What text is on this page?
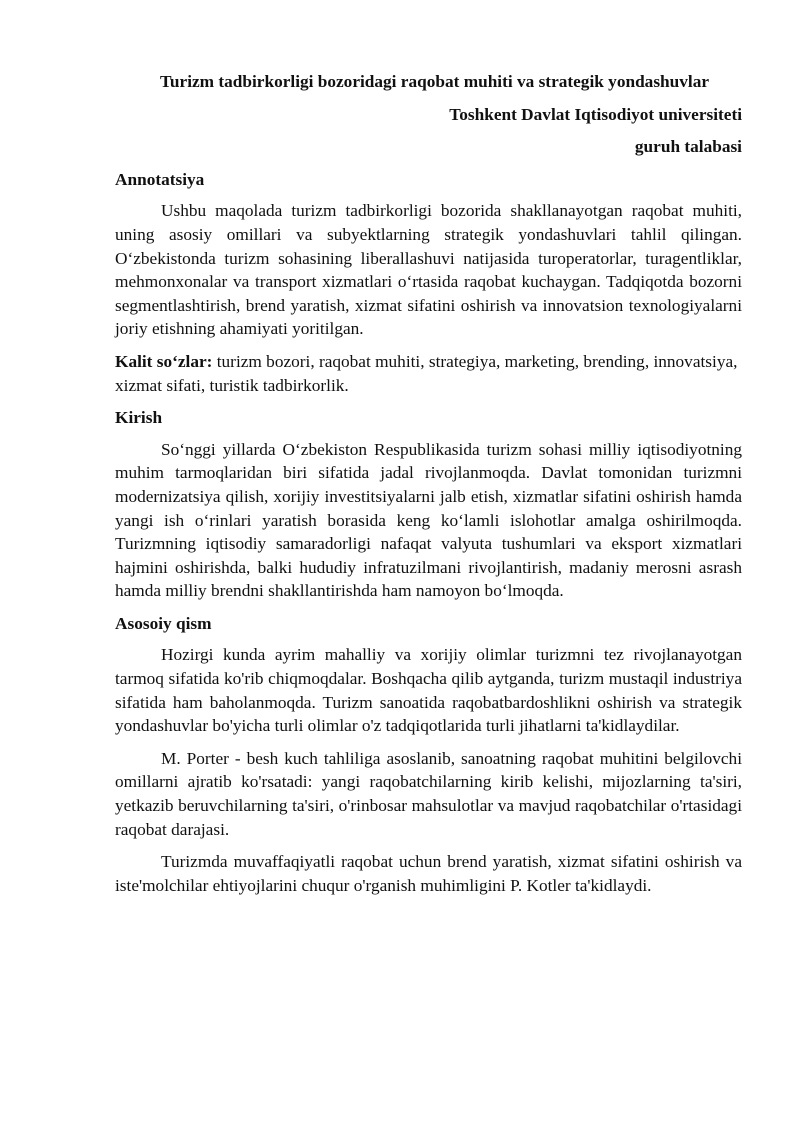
Turizm tadbirkorligi bozoridagi raqobat muhiti va strategik yondashuvlar
Toshkent Davlat Iqtisodiyot universiteti
guruh talabasi
Annotatsiya

Ushbu maqolada turizm tadbirkorligi bozorida shakllanayotgan raqobat muhiti, uning asosiy omillari va subyektlarning strategik yondashuvlari tahlil qilingan. O‘zbekistonda turizm sohasining liberallashuvi natijasida turoperatorlar, turagentliklar, mehmonxonalar va transport xizmatlari o‘rtasida raqobat kuchaygan. Tadqiqotda bozorni segmentlashtirish, brend yaratish, xizmat sifatini oshirish va innovatsion texnologiyalarni joriy etishning ahamiyati yoritilgan.

Kalit so‘zlar: turizm bozori, raqobat muhiti, strategiya, marketing, brending, innovatsiya, xizmat sifati, turistik tadbirkorlik.

Kirish

So‘nggi yillarda O‘zbekiston Respublikasida turizm sohasi milliy iqtisodiyotning muhim tarmoqlaridan biri sifatida jadal rivojlanmoqda. Davlat tomonidan turizmni modernizatsiya qilish, xorijiy investitsiyalarni jalb etish, xizmatlar sifatini oshirish hamda yangi ish o‘rinlari yaratish borasida keng ko‘lamli islohotlar amalga oshirilmoqda. Turizmning iqtisodiy samaradorligi nafaqat valyuta tushumlari va eksport xizmatlari hajmini oshirishda, balki hududiy infratuzilmani rivojlantirish, madaniy merosni asrash hamda milliy brendni shakllantirishda ham namoyon bo‘lmoqda.

Asosoiy qism

Hozirgi kunda ayrim mahalliy va xorijiy olimlar turizmni tez rivojlanayotgan tarmoq sifatida ko'rib chiqmoqdalar. Boshqacha qilib aytganda, turizm mustaqil industriya sifatida ham baholanmoqda. Turizm sanoatida raqobatbardoshlikni oshirish va strategik yondashuvlar bo'yicha turli olimlar o'z tadqiqotlarida turli jihatlarni ta'kidlaydilar.

M. Porter - besh kuch tahliliga asoslanib, sanoatning raqobat muhitini belgilovchi omillarni ajratib ko'rsatadi: yangi raqobatchilarning kirib kelishi, mijozlarning ta'siri, yetkazib beruvchilarning ta'siri, o'rinbosar mahsulotlar va mavjud raqobatchilar o'rtasidagi raqobat darajasi.

Turizmda muvaffaqiyatli raqobat uchun brend yaratish, xizmat sifatini oshirish va iste'molchilar ehtiyojlarini chuqur o'rganish muhimligini P. Kotler ta'kidlaydi.
